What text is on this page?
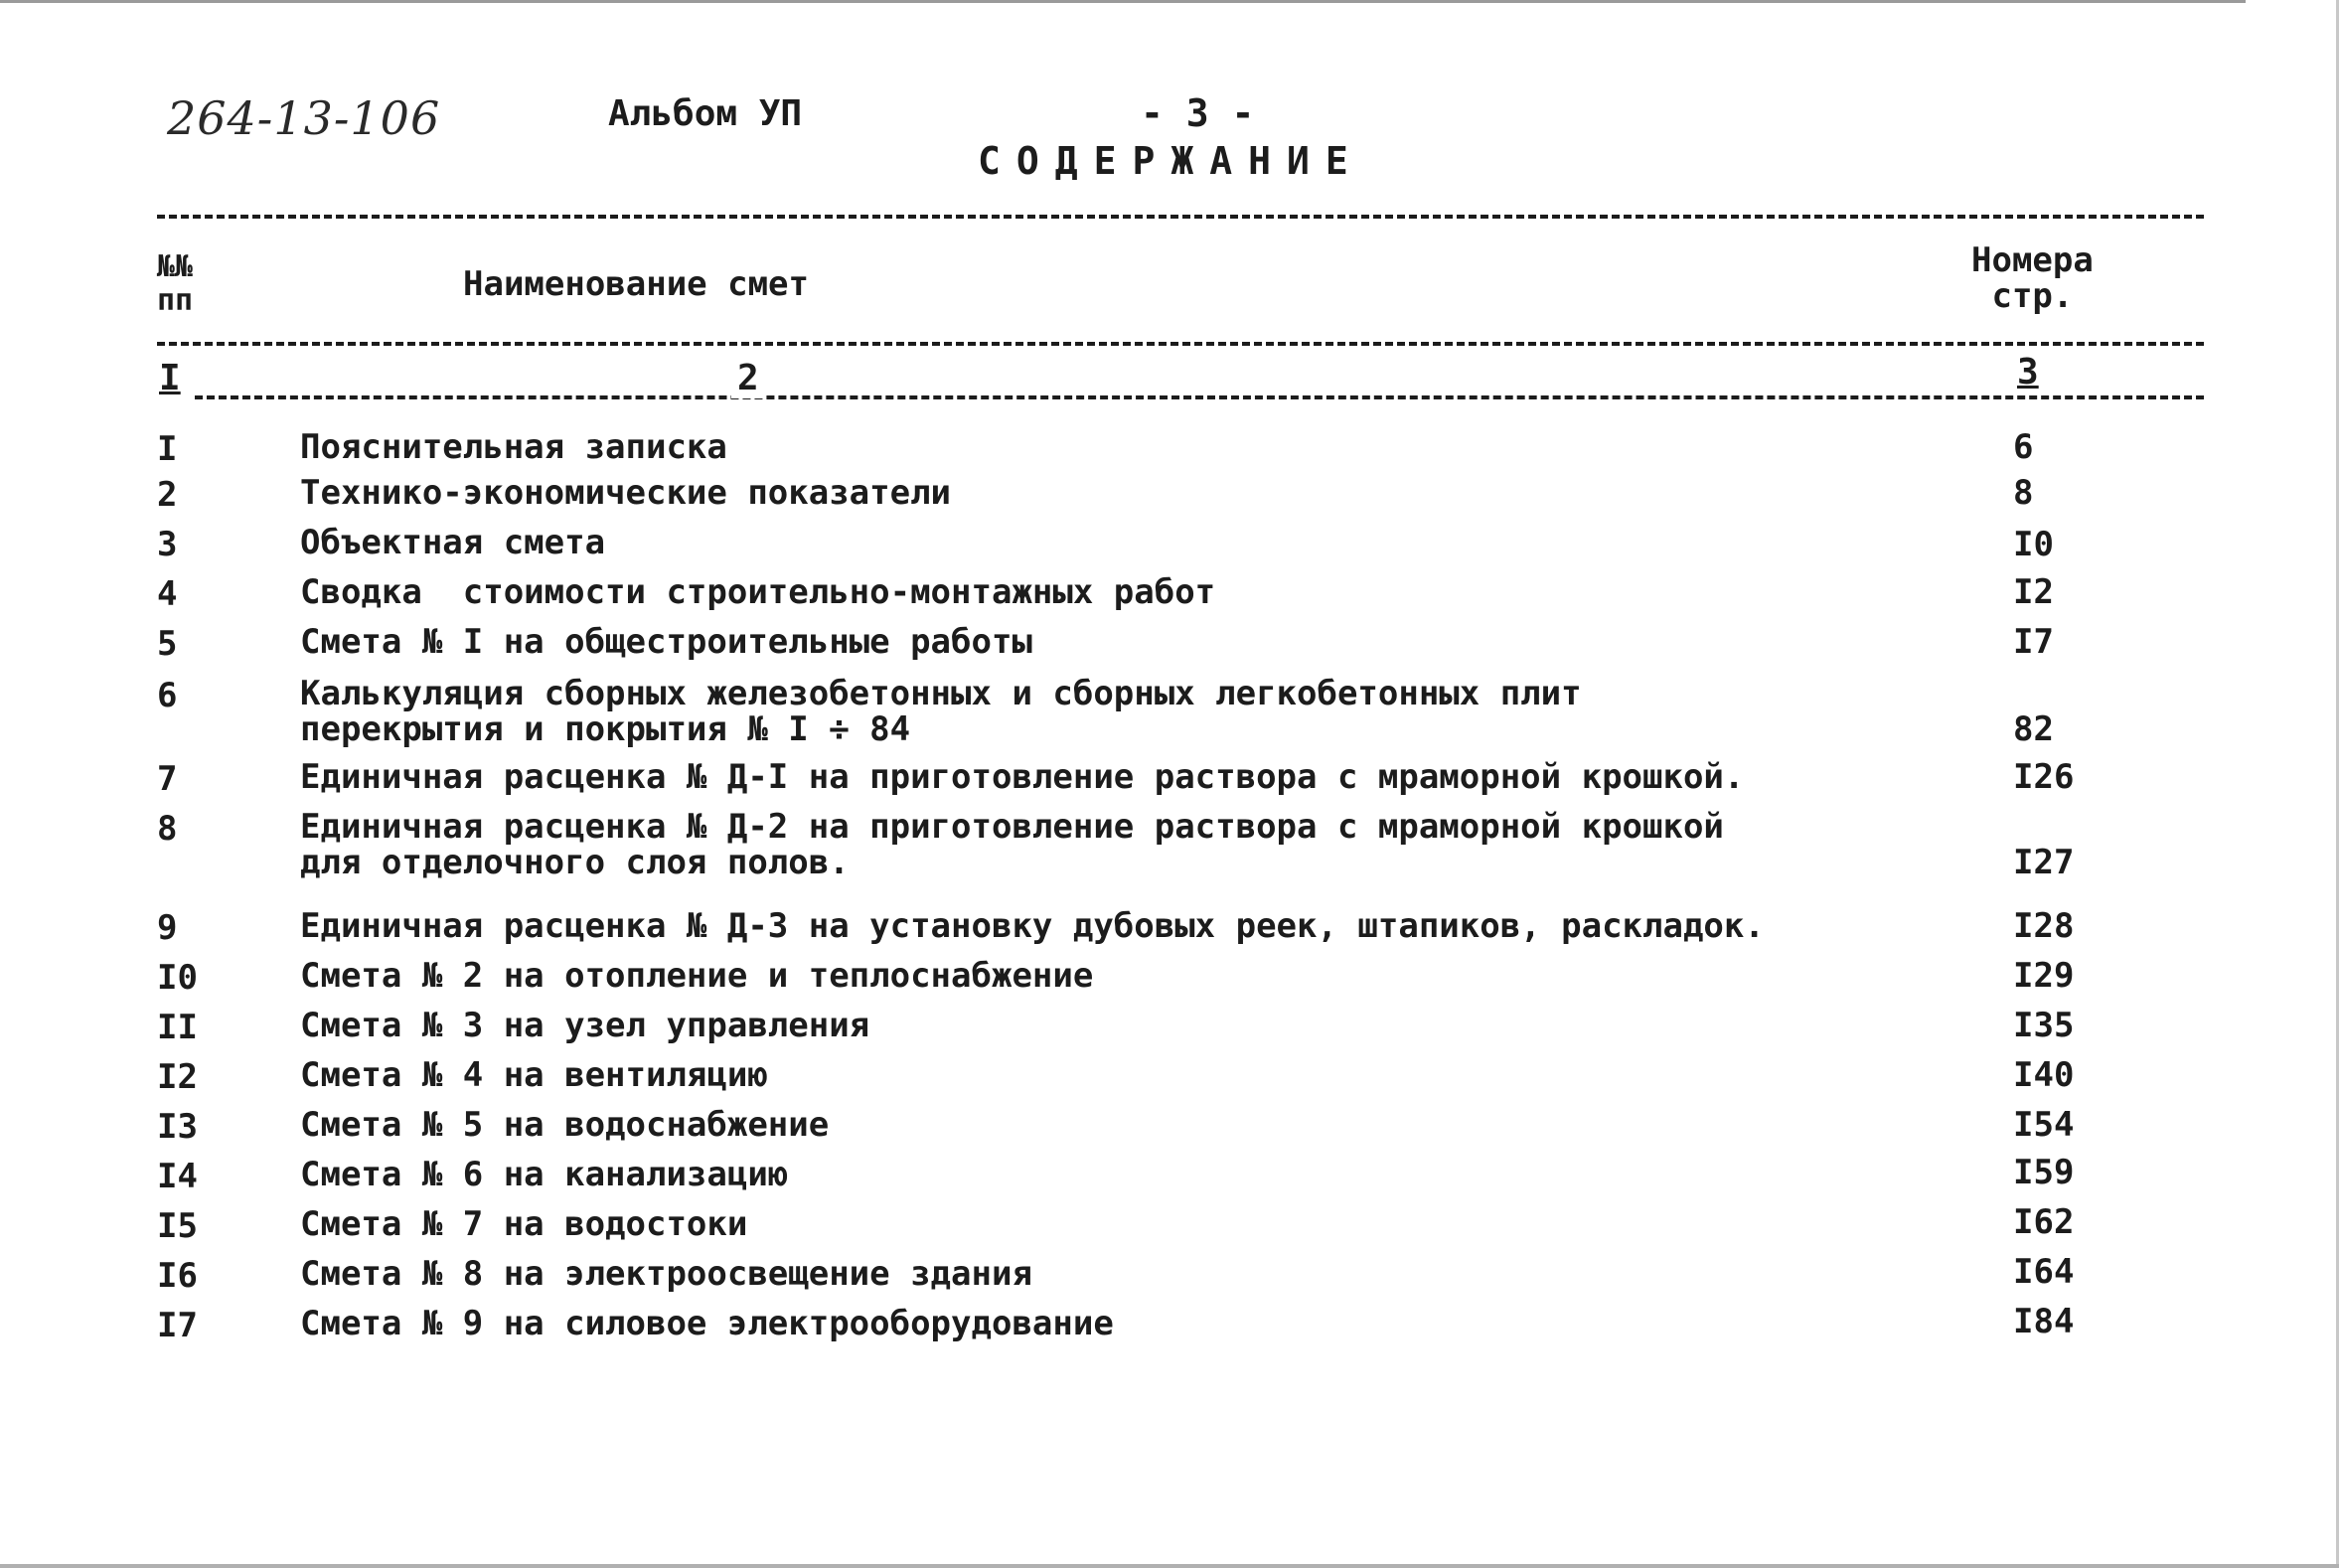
264-13-106	Альбом УП	- 3 -
СОДЕРЖАНИЕ
№№
пп	Наименование смет
Номера
стр.
I	2	3
I	Пояснительная записка	6
2	Технико-экономические показатели	8
3	Объектная смета	I0
4	Сводка  стоимости строительно-монтажных работ	I2
5	Смета № I на общестроительные работы	I7
6	Калькуляция сборных железобетонных и сборных легкобетонных плит
перекрытия и покрытия № I ÷ 84	82
7	Единичная расценка № Д-I на приготовление раствора с мраморной крошкой.	I26
8	Единичная расценка № Д-2 на приготовление раствора с мраморной крошкой
для отделочного слоя полов.	I27
9	Единичная расценка № Д-3 на установку дубовых реек, штапиков, раскладок.	I28
I0	Смета № 2 на отопление и теплоснабжение	I29
II	Смета № 3 на узел управления	I35
I2	Смета № 4 на вентиляцию	I40
I3	Смета № 5 на водоснабжение	I54
I4	Смета № 6 на канализацию	I59
I5	Смета № 7 на водостоки	I62
I6	Смета № 8 на электроосвещение здания	I64
I7	Смета № 9 на силовое электрооборудование	I84
